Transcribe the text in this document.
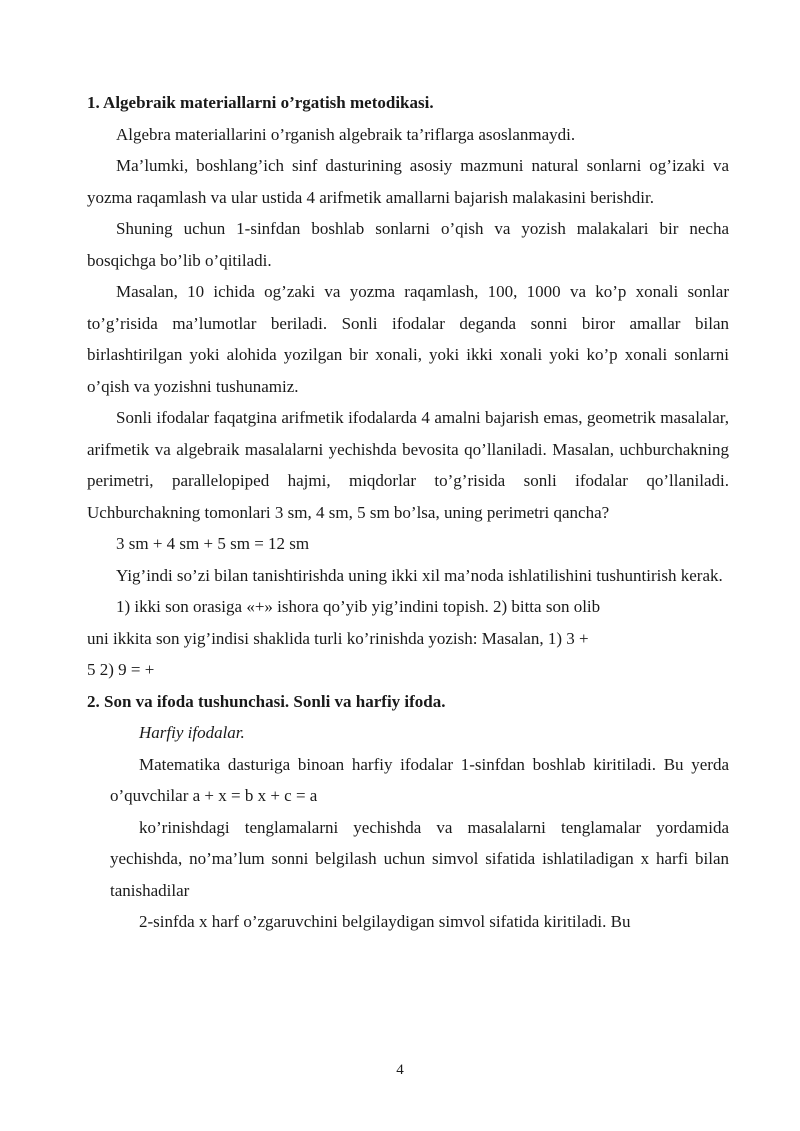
1. Algebraik materiallarni o’rgatish metodikasi.

Algebra materiallarini o’rganish algebraik ta’riflarga asoslanmaydi.

Ma’lumki, boshlang’ich sinf dasturining asosiy mazmuni natural sonlarni og’izaki va yozma raqamlash va ular ustida 4 arifmetik amallarni bajarish malakasini berishdir.

Shuning uchun 1-sinfdan boshlab sonlarni o’qish va yozish malakalari bir necha bosqichga bo’lib o’qitiladi.

Masalan, 10 ichida og’zaki va yozma raqamlash, 100, 1000 va ko’p xonali sonlar to’g’risida ma’lumotlar beriladi. Sonli ifodalar deganda sonni biror amallar bilan birlashtirilgan yoki alohida yozilgan bir xonali, yoki ikki xonali yoki ko’p xonali sonlarni o’qish va yozishni tushunamiz.

Sonli ifodalar faqatgina arifmetik ifodalarda 4 amalni bajarish emas, geometrik masalalar, arifmetik va algebraik masalalarni yechishda bevosita qo’llaniladi. Masalan, uchburchakning perimetri, parallelopiped hajmi, miqdorlar to’g’risida sonli ifodalar qo’llaniladi. Uchburchakning tomonlari 3 sm, 4 sm, 5 sm bo’lsa, uning perimetri qancha?

3 sm + 4 sm + 5 sm = 12 sm

Yig’indi so’zi bilan tanishtirishda uning ikki xil ma’noda ishlatilishini tushuntirish kerak.

1) ikki son orasiga «+» ishora qo’yib yig’indini topish. 2) bitta son olib

uni ikkita son yig’indisi shaklida turli ko’rinishda yozish: Masalan, 1) 3 +

5 2) 9 = +

2. Son va ifoda tushunchasi. Sonli va harfiy ifoda.

Harfiy ifodalar.

Matematika dasturiga binoan harfiy ifodalar 1-sinfdan boshlab kiritiladi. Bu yerda o’quvchilar a + x = b x + c = a

ko’rinishdagi tenglamalarni yechishda va masalalarni tenglamalar yordamida yechishda, no’ma’lum sonni belgilash uchun simvol sifatida ishlatiladigan x harfi bilan tanishadilar

2-sinfda x harf o’zgaruvchini belgilaydigan simvol sifatida kiritiladi. Bu

4
